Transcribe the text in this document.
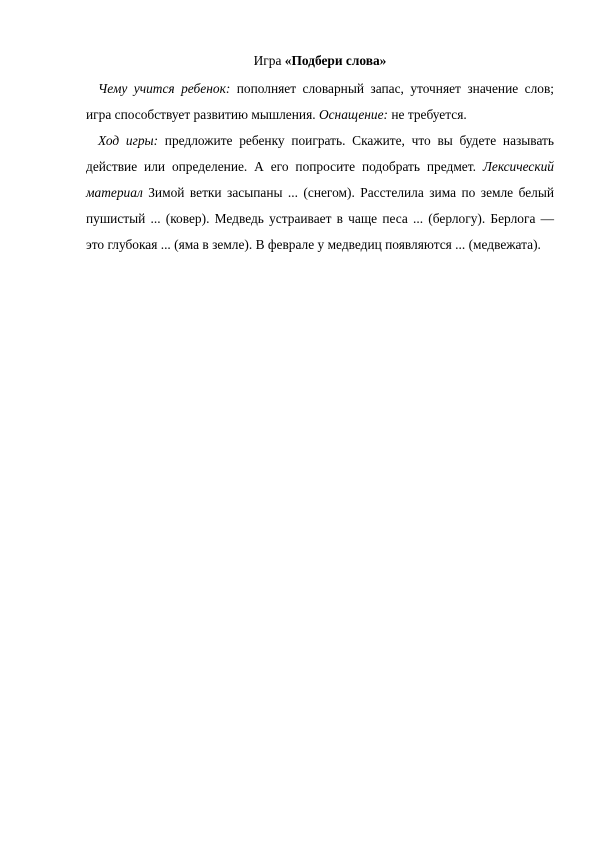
Игра «Подбери слова»

Чему учится ребенок: пополняет словарный запас, уточняет значение слов; игра способствует развитию мышления. Оснащение: не требуется.

Ход игры: предложите ребенку поиграть. Скажите, что вы будете называть действие или определение. А его попросите подобрать предмет. Лексический материал Зимой ветки засыпаны ... (снегом). Расстелила зима по земле белый пушистый ... (ковер). Медведь устраивает в чаще песа ... (берлогу). Берлога — это глубокая ... (яма в земле). В феврале у медведиц появляются ... (медвежата).
